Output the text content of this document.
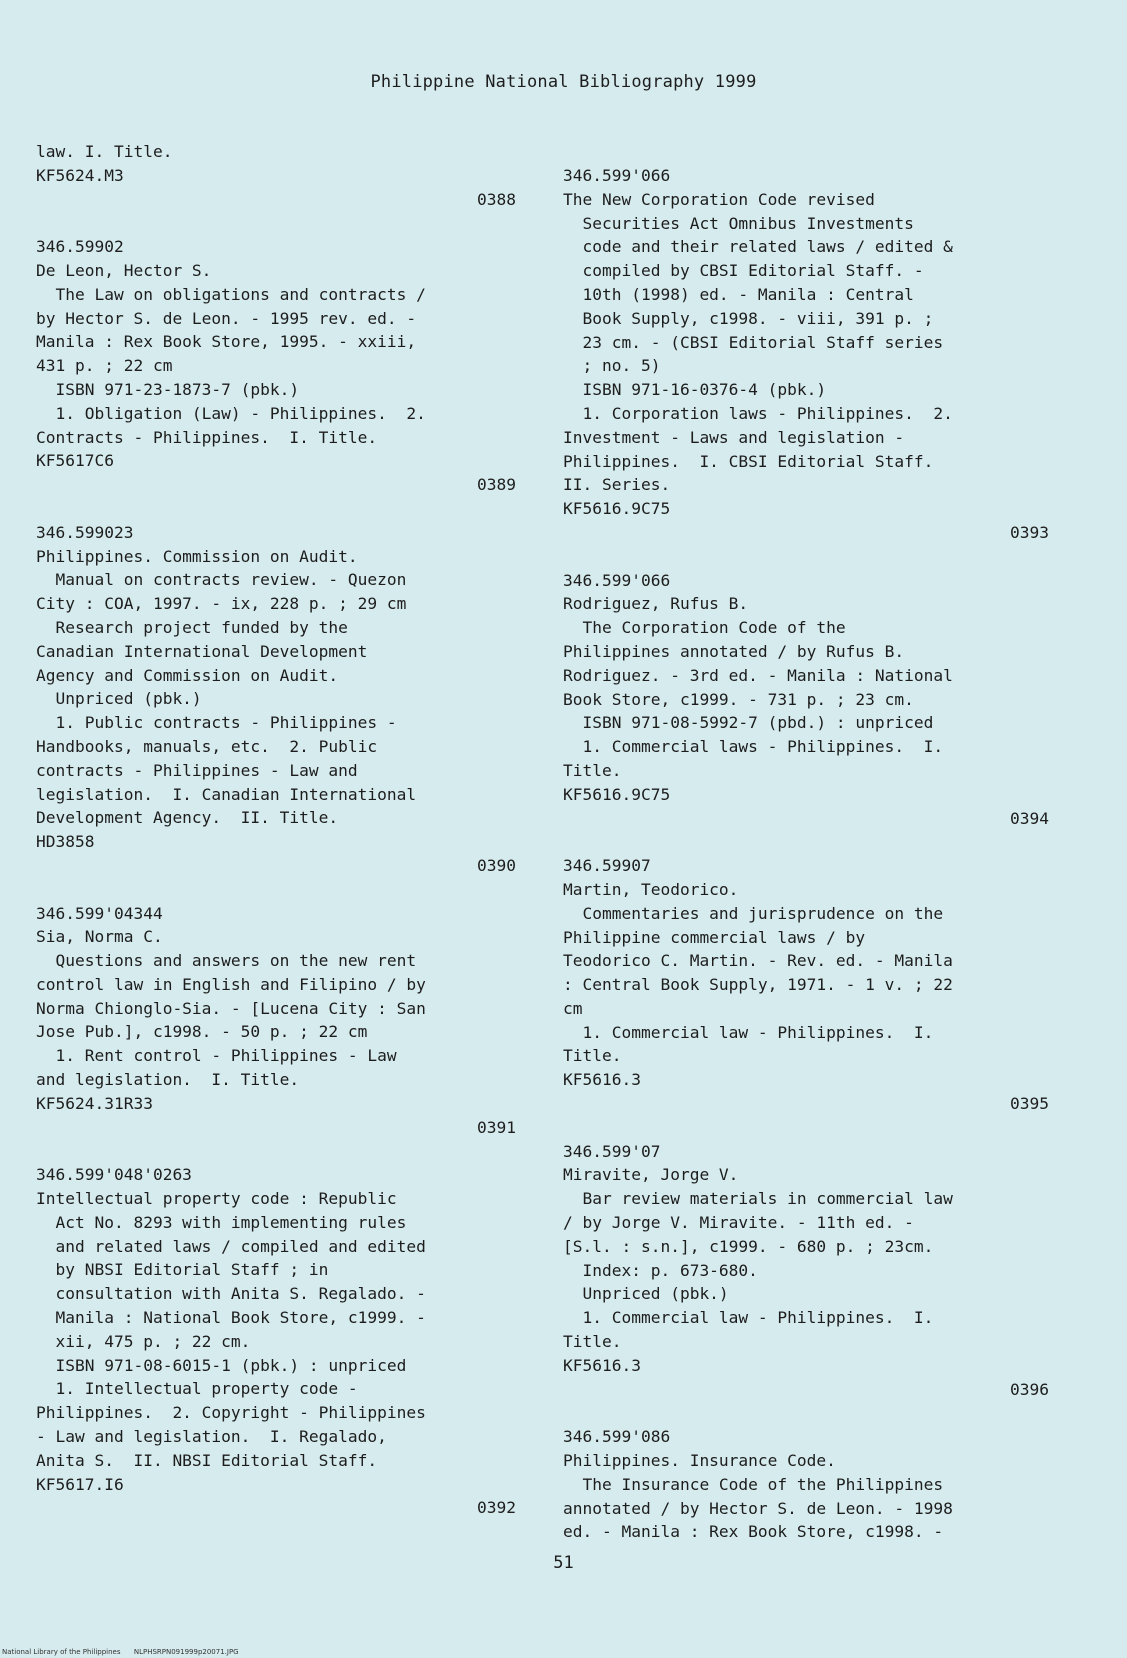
Philippine National Bibliography 1999
law. I. Title.
KF5624.M3
0388
346.59902
De Leon, Hector S.
The Law on obligations and contracts /
by Hector S. de Leon. - 1995 rev. ed. -
Manila : Rex Book Store, 1995. - xxiii,
431 p. ; 22 cm
ISBN 971-23-1873-7 (pbk.)
1. Obligation (Law) - Philippines.  2.
Contracts - Philippines.  I. Title.
KF5617C6
0389
346.599023
Philippines. Commission on Audit.
Manual on contracts review. - Quezon
City : COA, 1997. - ix, 228 p. ; 29 cm
Research project funded by the
Canadian International Development
Agency and Commission on Audit.
Unpriced (pbk.)
1. Public contracts - Philippines -
Handbooks, manuals, etc.  2. Public
contracts - Philippines - Law and
legislation.  I. Canadian International
Development Agency.  II. Title.
HD3858
0390
346.599'04344
Sia, Norma C.
Questions and answers on the new rent
control law in English and Filipino / by
Norma Chionglo-Sia. - [Lucena City : San
Jose Pub.], c1998. - 50 p. ; 22 cm
1. Rent control - Philippines - Law
and legislation.  I. Title.
KF5624.31R33
0391
346.599'048'0263
Intellectual property code : Republic
Act No. 8293 with implementing rules
and related laws / compiled and edited
by NBSI Editorial Staff ; in
consultation with Anita S. Regalado. -
Manila : National Book Store, c1999. -
xii, 475 p. ; 22 cm.
ISBN 971-08-6015-1 (pbk.) : unpriced
1. Intellectual property code -
Philippines.  2. Copyright - Philippines
- Law and legislation.  I. Regalado,
Anita S.  II. NBSI Editorial Staff.
KF5617.I6
0392
346.599'066
The New Corporation Code revised
Securities Act Omnibus Investments
code and their related laws / edited &
compiled by CBSI Editorial Staff. -
10th (1998) ed. - Manila : Central
Book Supply, c1998. - viii, 391 p. ;
23 cm. - (CBSI Editorial Staff series
; no. 5)
ISBN 971-16-0376-4 (pbk.)
1. Corporation laws - Philippines.  2.
Investment - Laws and legislation -
Philippines.  I. CBSI Editorial Staff.
II. Series.
KF5616.9C75
0393
346.599'066
Rodriguez, Rufus B.
The Corporation Code of the
Philippines annotated / by Rufus B.
Rodriguez. - 3rd ed. - Manila : National
Book Store, c1999. - 731 p. ; 23 cm.
ISBN 971-08-5992-7 (pbd.) : unpriced
1. Commercial laws - Philippines.  I.
Title.
KF5616.9C75
0394
346.59907
Martin, Teodorico.
Commentaries and jurisprudence on the
Philippine commercial laws / by
Teodorico C. Martin. - Rev. ed. - Manila
: Central Book Supply, 1971. - 1 v. ; 22
cm
1. Commercial law - Philippines.  I.
Title.
KF5616.3
0395
346.599'07
Miravite, Jorge V.
Bar review materials in commercial law
/ by Jorge V. Miravite. - 11th ed. -
[S.l. : s.n.], c1999. - 680 p. ; 23cm.
Index: p. 673-680.
Unpriced (pbk.)
1. Commercial law - Philippines.  I.
Title.
KF5616.3
0396
346.599'086
Philippines. Insurance Code.
The Insurance Code of the Philippines
annotated / by Hector S. de Leon. - 1998
ed. - Manila : Rex Book Store, c1998. -
51
National Library of the Philippines      NLPHSRPN091999p20071.JPG
